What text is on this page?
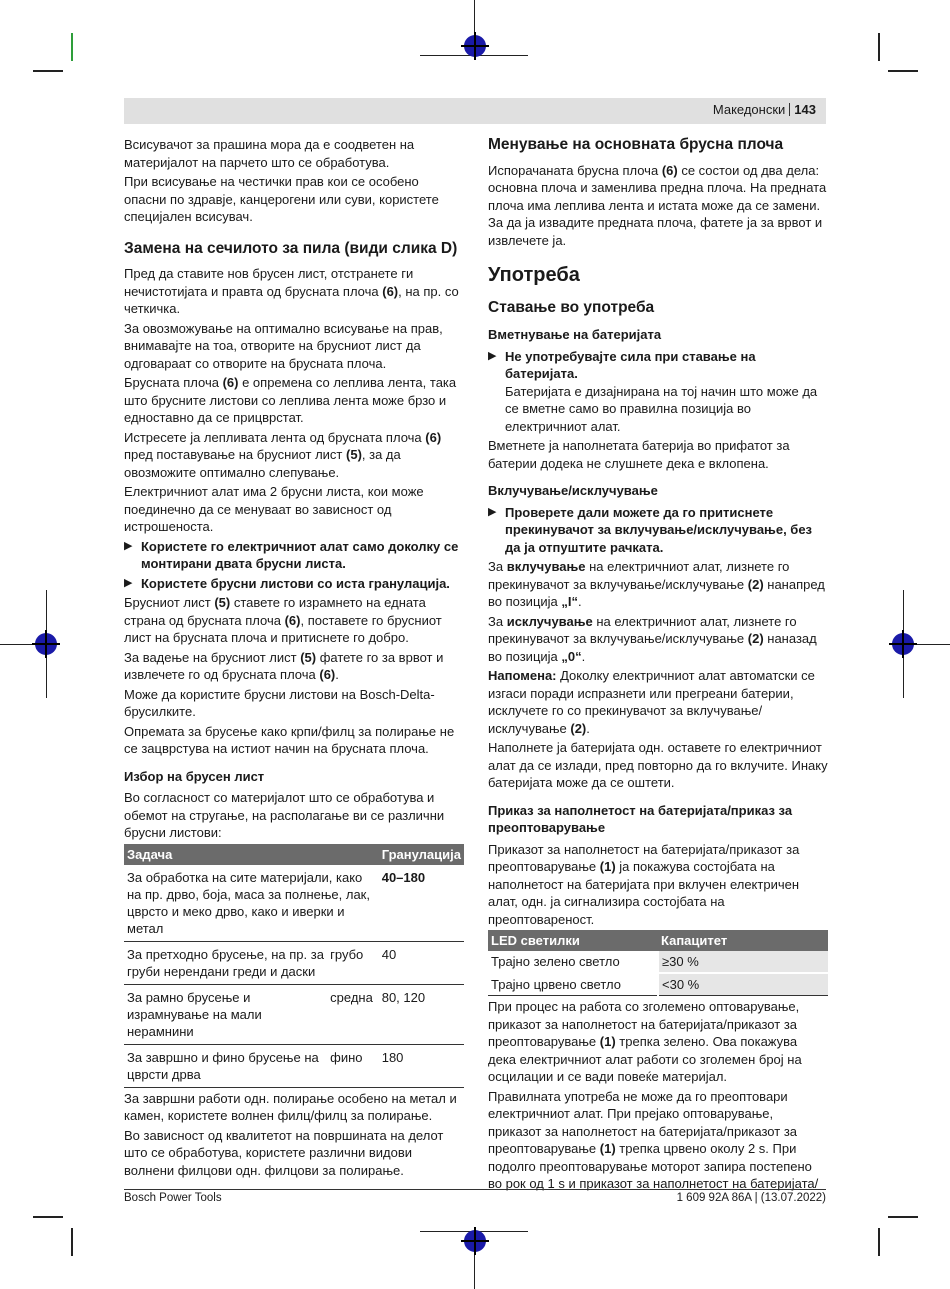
Македонски 143

Всисувачот за прашина мора да е соодветен на материјалот на парчето што се обработува.

При всисување на честички прав кои се особено опасни по здравје, канцерогени или суви, користете специјален всисувач.

Замена на сечилото за пила (види слика D)

Пред да ставите нов брусен лист, отстранете ги нечистотијата и правта од брусната плоча (6), на пр. со четкичка.

За овозможување на оптимално всисување на прав, внимавајте на тоа, отворите на брусниот лист да одговараат со отворите на брусната плоча.

Брусната плоча (6) е опремена со леплива лента, така што брусните листови со леплива лента може брзо и едноставно да се прицврстат.

Истресете ја лепливата лента од брусната плоча (6) пред поставување на брусниот лист (5), за да овозможите оптимално слепување.

Електричниот алат има 2 брусни листа, кои може поединечно да се менуваат во зависност од истрошеноста.

▶ Користете го електричниот алат само доколку се монтирани двата брусни листа.

▶ Користете брусни листови со иста гранулација.

Брусниот лист (5) ставете го израмнето на едната страна од брусната плоча (6), поставете го брусниот лист на брусната плоча и притиснете го добро.

За вадење на брусниот лист (5) фатете го за врвот и извлечете го од брусната плоча (6).

Може да користите брусни листови на Bosch-Delta-брусилките.

Опремата за брусење како крпи/филц за полирање не се зацврстува на истиот начин на брусната плоча.

Избор на брусен лист

Во согласност со материјалот што се обработува и обемот на стругање, на располагање ви се различни брусни листови:

Задача		Гранулација
За обработка на сите материјали, како на пр. дрво, боја, маса за полнење, лак, цврсто и меко дрво, како и иверки и метал		40–180
За претходно брусење, на пр. за груби нерендани греди и даски	грубо	40
За рамно брусење и израмнување на мали нерамнини	средна	80, 120
За завршно и фино брусење на цврсти дрва	фино	180

За завршни работи одн. полирање особено на метал и камен, користете волнен филц/филц за полирање.

Во зависност од квалитетот на површината на делот што се обработува, користете различни видови волнени филцови одн. филцови за полирање.

Менување на основната брусна плоча

Испорачаната брусна плоча (6) се состои од два дела: основна плоча и заменлива предна плоча. На предната плоча има леплива лента и истата може да се замени. За да ја извадите предната плоча, фатете ја за врвот и извлечете ја.

Употреба

Ставање во употреба

Вметнување на батеријата

▶ Не употребувајте сила при ставање на батеријата.
Батеријата е дизајнирана на тој начин што може да се вметне само во правилна позиција во електричниот алат.

Вметнете ја наполнетата батерија во прифатот за батерии додека не слушнете дека е вклопена.

Вклучување/исклучување

▶ Проверете дали можете да го притиснете прекинувачот за вклучување/исклучување, без да ја отпуштите рачката.

За вклучување на електричниот алат, лизнете го прекинувачот за вклучување/исклучување (2) нанапред во позиција „I“.

За исклучување на електричниот алат, лизнете го прекинувачот за вклучување/исклучување (2) наназад во позиција „0“.

Напомена: Доколку електричниот алат автоматски се изгаси поради испразнети или прегреани батерии, исклучете го со прекинувачот за вклучување/ исклучување (2).

Наполнете ја батеријата одн. оставете го електричниот алат да се излади, пред повторно да го вклучите. Инаку батеријата може да се оштети.

Приказ за наполнетост на батеријата/приказ за преоптоварување

Приказот за наполнетост на батеријата/приказот за преоптоварување (1) ја покажува состојбата на наполнетост на батеријата при вклучен електричен алат, одн. ја сигнализира состојбата на преоптовареност.

LED светилки	Капацитет
Трајно зелено светло	≥30 %
Трајно црвено светло	<30 %

При процес на работа со зголемено оптоварување, приказот за наполнетост на батеријата/приказот за преоптоварување (1) трепка зелено. Ова покажува дека електричниот алат работи со зголемен број на осцилации и се вади повеќе материјал.

Правилната употреба не може да го преоптовари електричниот алат. При прејако оптоварување, приказот за наполнетост на батеријата/приказот за преоптоварување (1) трепка црвено околу 2 s. При подолго преоптоварување моторот запира постепено во рок од 1 s и приказот за наполнетост на батеријата/

Bosch Power Tools	1 609 92A 86A | (13.07.2022)
